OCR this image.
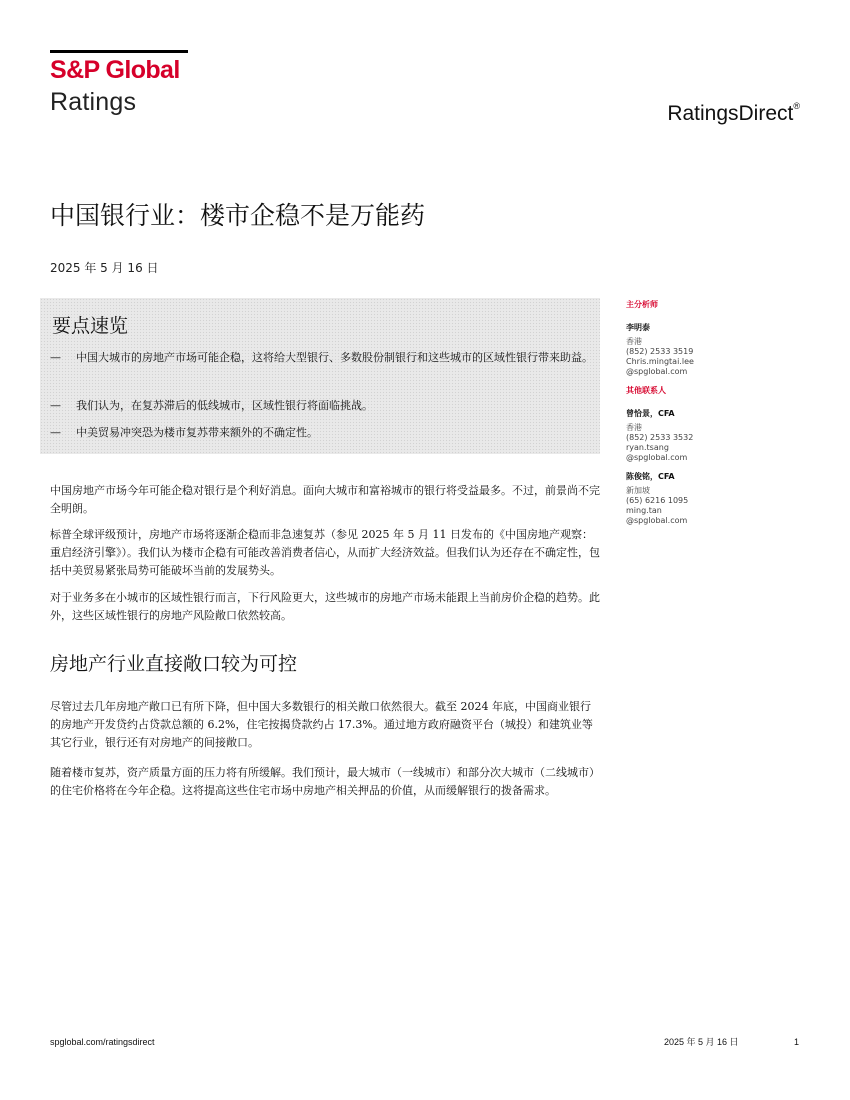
S&P Global
Ratings	RatingsDirect®
中国银行业：楼市企稳不是万能药
2025 年 5 月 16 日
要点速览
— 中国大城市的房地产市场可能企稳，这将给大型银行、多数股份制银行和这些城市的区域性银行带来助益。
— 我们认为，在复苏滞后的低线城市，区域性银行将面临挑战。
— 中美贸易冲突恐为楼市复苏带来额外的不确定性。

中国房地产市场今年可能企稳对银行是个利好消息。面向大城市和富裕城市的银行将受益最多。不过，前景尚不完全明朗。

标普全球评级预计，房地产市场将逐渐企稳而非急速复苏（参见 2025 年 5 月 11 日发布的《中国房地产观察：重启经济引擎》）。我们认为楼市企稳有可能改善消费者信心，从而扩大经济效益。但我们认为还存在不确定性，包括中美贸易紧张局势可能破坏当前的发展势头。

对于业务多在小城市的区域性银行而言，下行风险更大，这些城市的房地产市场未能跟上当前房价企稳的趋势。此外，这些区域性银行的房地产风险敞口依然较高。

房地产行业直接敞口较为可控

尽管过去几年房地产敞口已有所下降，但中国大多数银行的相关敞口依然很大。截至 2024 年底，中国商业银行的房地产开发贷约占贷款总额的 6.2%，住宅按揭贷款约占 17.3%。通过地方政府融资平台（城投）和建筑业等其它行业，银行还有对房地产的间接敞口。

随着楼市复苏，资产质量方面的压力将有所缓解。我们预计，最大城市（一线城市）和部分次大城市（二线城市）的住宅价格将在今年企稳。这将提高这些住宅市场中房地产相关押品的价值，从而缓解银行的拨备需求。

主分析师
李明泰
香港
(852) 2533 3519
Chris.mingtai.lee
@spglobal.com
其他联系人
曾恰景，CFA
香港
(852) 2533 3532
ryan.tsang
@spglobal.com
陈俊铭，CFA
新加坡
(65) 6216 1095
ming.tan
@spglobal.com
spglobal.com/ratingsdirect	2025 年 5 月 16 日	1
